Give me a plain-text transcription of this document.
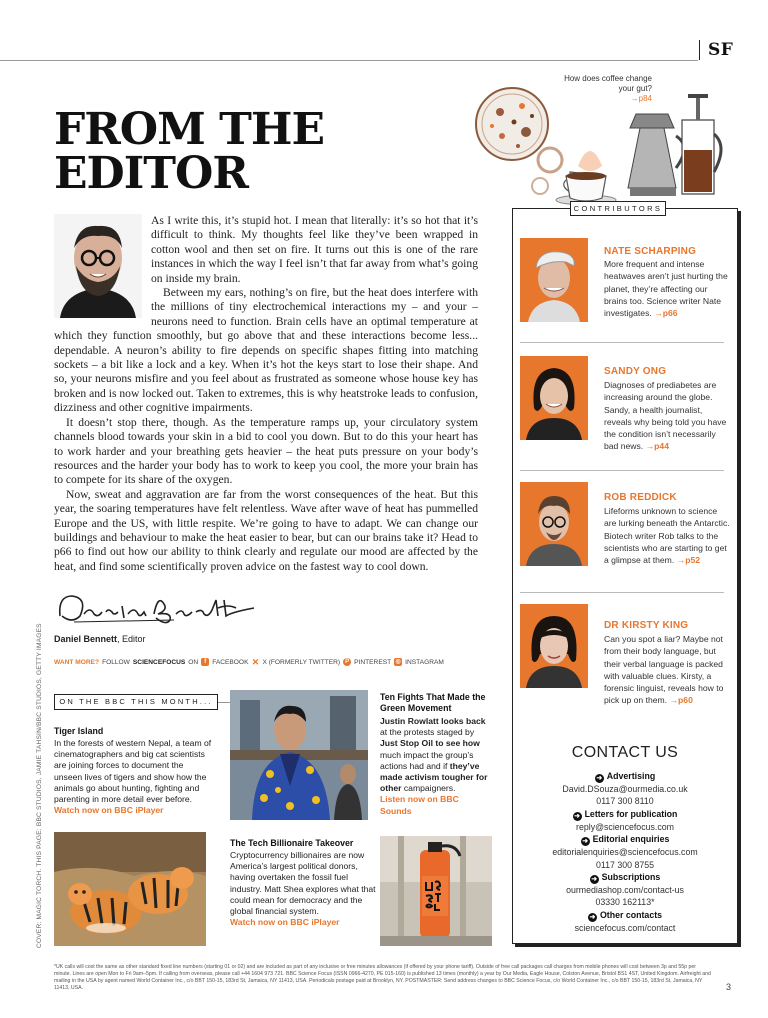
SF
FROM THE
EDITOR
How does coffee change your gut?
→p84

As I write this, it’s stupid hot. I mean that literally: it’s so hot that it’s difficult to think. My thoughts feel like they’ve been wrapped in cotton wool and then set on fire. It turns out this is one of the rare instances in which the way I feel isn’t that far away from what’s going on inside my brain.

Between my ears, nothing’s on fire, but the heat does interfere with the millions of tiny electrochemical interactions my – and your – neurons need to function. Brain cells have an optimal temperature at which they function smoothly, but go above that and these interactions become less... dependable. A neuron’s ability to fire depends on specific shapes fitting into matching sockets – a bit like a lock and a key. When it’s hot the keys start to lose their shape. And so, your neurons misfire and you feel about as frustrated as someone whose house key has broken and is now locked out. Taken to extremes, this is why heatstroke leads to confusion, dizziness and other cognitive impairments.

It doesn’t stop there, though. As the temperature ramps up, your circulatory system channels blood towards your skin in a bid to cool you down. But to do this your heart has to work harder and your breathing gets heavier – the heat puts pressure on your body’s resources and the harder your body has to work to keep you cool, the more your brain has to compete for its share of the oxygen.

Now, sweat and aggravation are far from the worst consequences of the heat. But this year, the soaring temperatures have felt relentless. Wave after wave of heat has pummelled Europe and the US, with little respite. We’re going to have to adapt. We can change our buildings and behaviour to make the heat easier to bear, but can our brains take it? Head to p66 to find out how our ability to think clearly and regulate our mood are affected by the heat, and find some scientifically proven advice on the fastest way to cool down.

Daniel Bennett, Editor
WANT MORE? FOLLOW SCIENCEFOCUS ON	f FACEBOOK ✕ X (FORMERLY TWITTER) P PINTEREST ◎ INSTAGRAM
COVER: MAGIC TORCH. THIS PAGE: BBC STUDIOS, JAMIE TAHSIN/BBC STUDIOS, GETTY IMAGES
CONTRIBUTORS
NATE SCHARPING
More frequent and intense heatwaves aren’t just hurting the planet, they’re affecting our brains too. Science writer Nate investigates. →p66
SANDY ONG
Diagnoses of prediabetes are increasing around the globe. Sandy, a health journalist, reveals why being told you have the condition isn’t necessarily bad news. →p44
ROB REDDICK
Lifeforms unknown to science are lurking beneath the Antarctic. Biotech writer Rob talks to the scientists who are starting to get a glimpse at them. →p52
DR KIRSTY KING
Can you spot a liar? Maybe not from their body language, but their verbal language is packed with valuable clues. Kirsty, a forensic linguist, reveals how to pick up on them. →p60
CONTACT US
➜ Advertising
David.DSouza@ourmedia.co.uk
0117 300 8110
➜ Letters for publication
reply@sciencefocus.com
➜ Editorial enquiries
editorialenquiries@sciencefocus.com
0117 300 8755
➜ Subscriptions
ourmediashop.com/contact-us
03330 162113*
➜ Other contacts
sciencefocus.com/contact
ON THE BBC THIS MONTH...
Tiger Island
In the forests of western Nepal, a team of cinematographers and big cat scientists are joining forces to document the unseen lives of tigers and show how the animals go about hunting, fighting and parenting in more detail ever before.
Watch now on BBC iPlayer
The Tech Billionaire Takeover
Cryptocurrency billionaires are now America’s largest political donors, having overtaken the fossil fuel industry. Matt Shea explores what that could mean for democracy and the global financial system.
Watch now on BBC iPlayer
Ten Fights That Made the Green Movement
Justin Rowlatt looks back at the protests staged by Just Stop Oil to see how much impact the group’s actions had and if they’ve made activism tougher for other campaigners.
Listen now on BBC Sounds
*UK calls will cost the same as other standard fixed line numbers (starting 01 or 02) and are included as part of any inclusive or free minutes allowances (if offered by your phone tariff). Outside of free call packages call charges from mobile phones will cost between 3p and 55p per minute. Lines are open Mon to Fri 9am–5pm. If calling from overseas, please call +44 1604 973 721. BBC Science Focus (ISSN 0966-4270, PE 015-160) is published 13 times (monthly) a year by Our Media, Eagle House, Colston Avenue, Bristol BS1 4ST, United Kingdom. Airfreight and mailing in the USA by agent named World Container Inc., c/o BBT 150-15, 183rd St, Jamaica, NY 11413, USA. Periodicals postage paid at Brooklyn, NY. POSTMASTER: Send address changes to BBC Science Focus, c/o World Container Inc., c/o BBT 150-15, 183rd St, Jamaica, NY 11413, USA.	3
